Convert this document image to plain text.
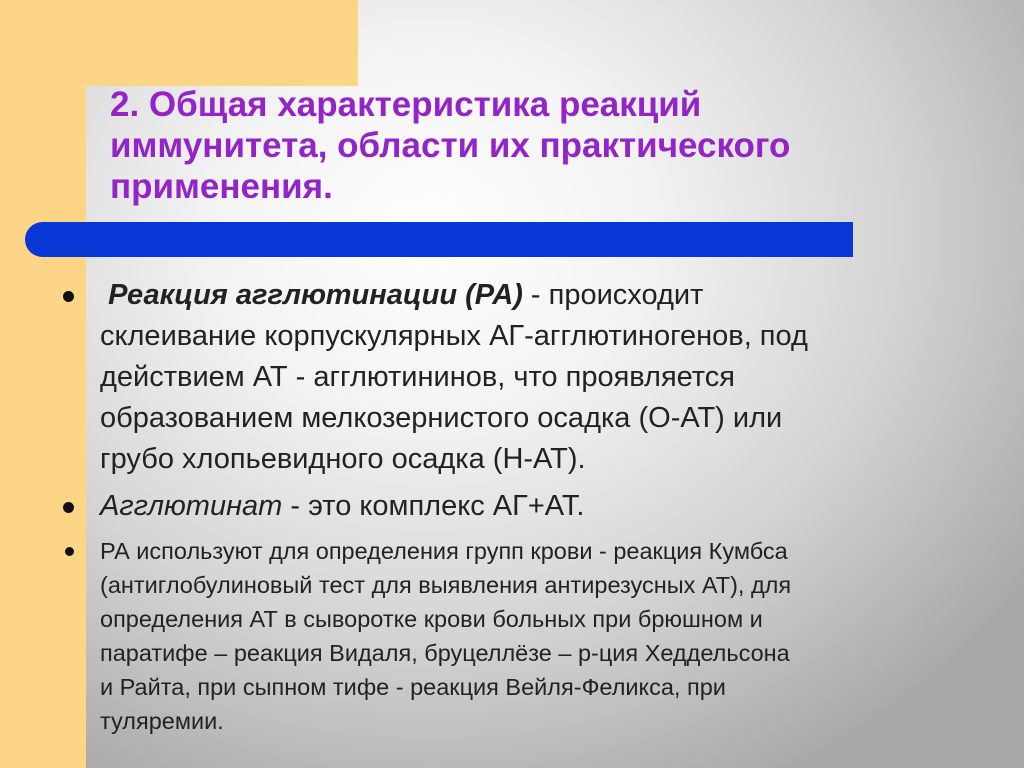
2. Общая характеристика реакций
иммунитета, области их практического
применения.
Реакция агглютинации (РА) - происходит
склеивание корпускулярных АГ-агглютиногенов, под
действием АТ - агглютининов, что проявляется
образованием мелкозернистого осадка (О-АТ) или
грубо хлопьевидного осадка (Н-АТ).
Агглютинат - это комплекс АГ+АТ.
РА используют для определения групп крови - реакция Кумбса
(антиглобулиновый тест для выявления антирезусных АТ), для
определения АТ в сыворотке крови больных при брюшном и
паратифе – реакция Видаля, бруцеллёзе – р-ция Хеддельсона
и Райта, при сыпном тифе - реакция Вейля-Феликса, при
туляремии.
